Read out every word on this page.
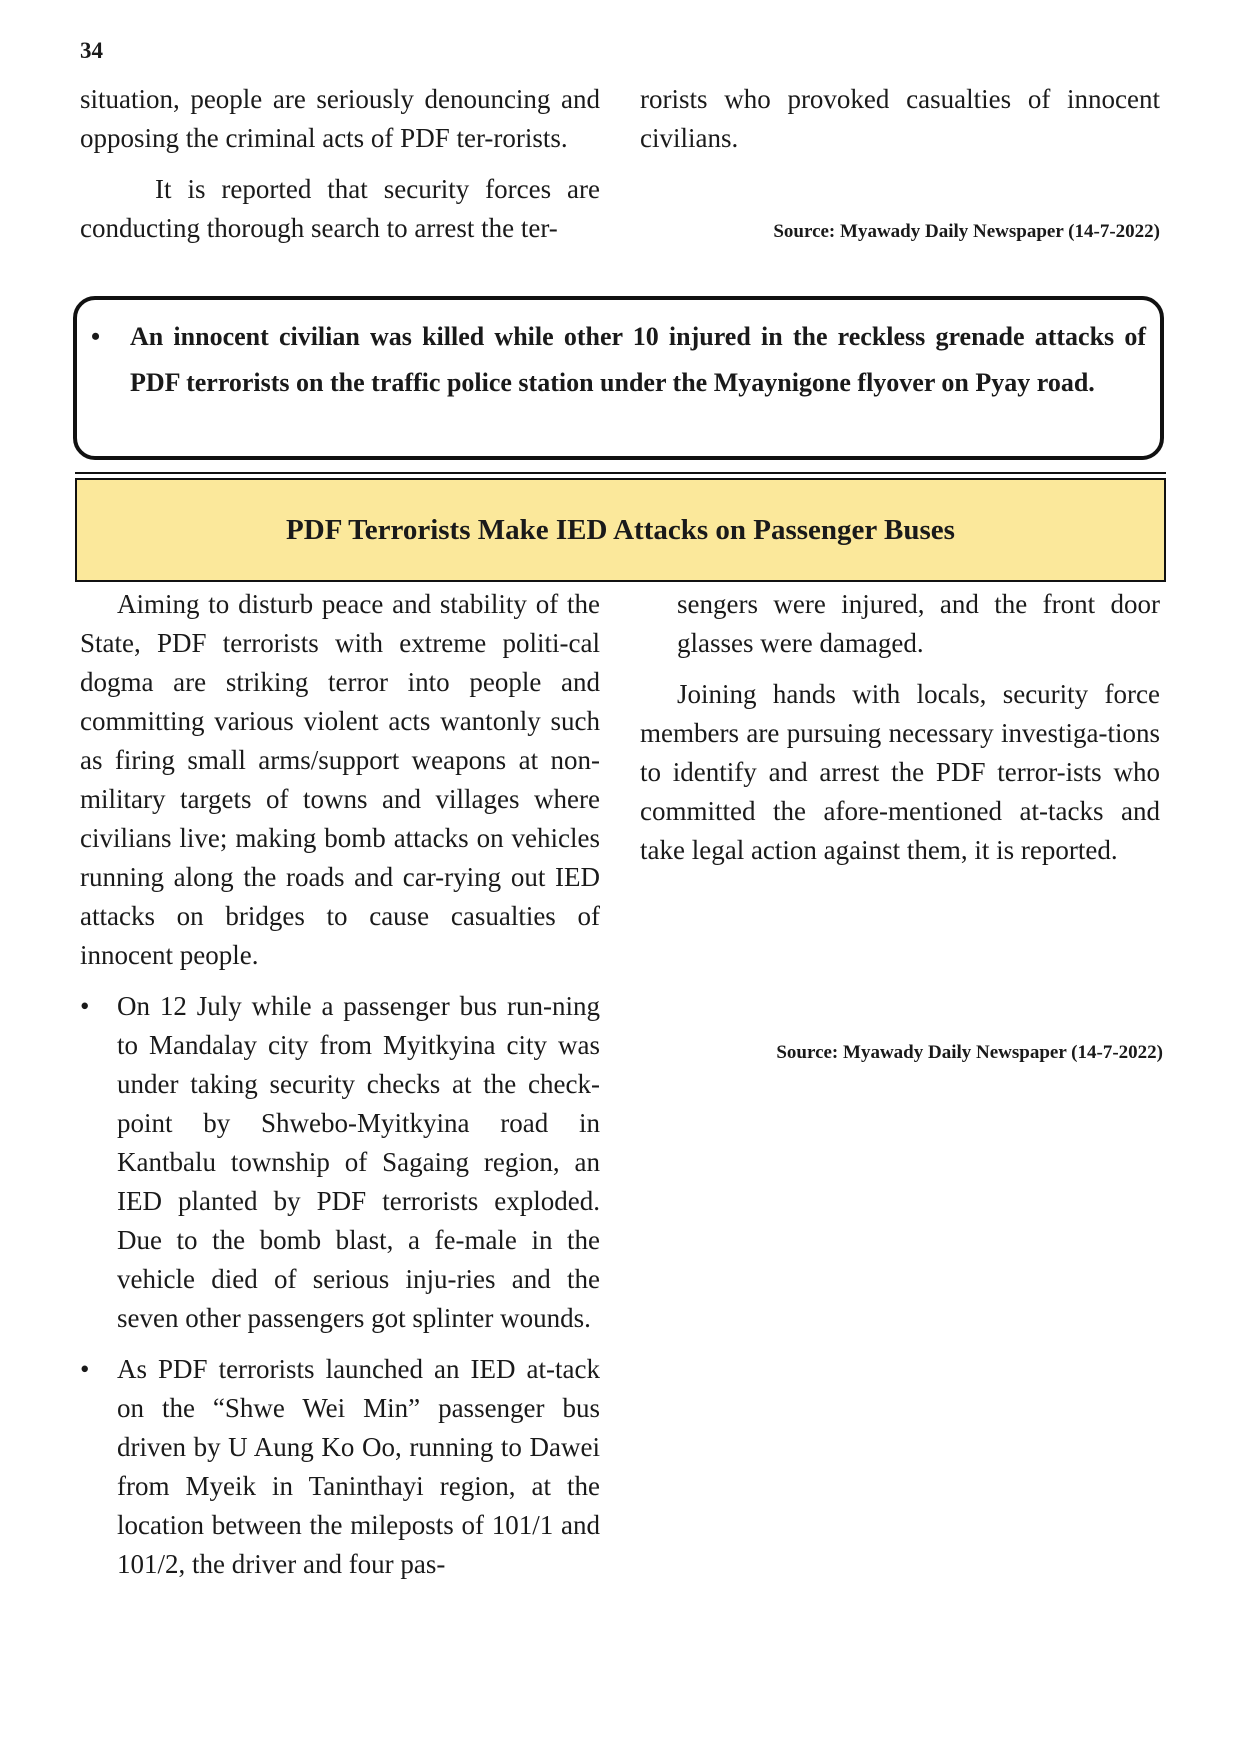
34

situation, people are seriously denouncing and opposing the criminal acts of PDF ter-rorists.

It is reported that security forces are conducting thorough search to arrest the ter-

rorists who provoked casualties of innocent civilians.

Source: Myawady Daily Newspaper (14-7-2022)
• An innocent civilian was killed while other 10 injured in the reckless grenade attacks of PDF terrorists on the traffic police station under the Myaynigone flyover on Pyay road.
PDF Terrorists Make IED Attacks on Passenger Buses

Aiming to disturb peace and stability of the State, PDF terrorists with extreme politi-cal dogma are striking terror into people and committing various violent acts wantonly such as firing small arms/support weapons at non-military targets of towns and villages where civilians live; making bomb attacks on vehicles running along the roads and car-rying out IED attacks on bridges to cause casualties of innocent people.

• On 12 July while a passenger bus run-ning to Mandalay city from Myitkyina city was under taking security checks at the check-point by Shwebo-Myitkyina road in Kantbalu township of Sagaing region, an IED planted by PDF terrorists exploded. Due to the bomb blast, a fe-male in the vehicle died of serious inju-ries and the seven other passengers got splinter wounds.

• As PDF terrorists launched an IED at-tack on the “Shwe Wei Min” passenger bus driven by U Aung Ko Oo, running to Dawei from Myeik in Taninthayi region, at the location between the mileposts of 101/1 and 101/2, the driver and four pas-

sengers were injured, and the front door glasses were damaged.

Joining hands with locals, security force members are pursuing necessary investiga-tions to identify and arrest the PDF terror-ists who committed the afore-mentioned at-tacks and take legal action against them, it is reported.

Source: Myawady Daily Newspaper (14-7-2022)
